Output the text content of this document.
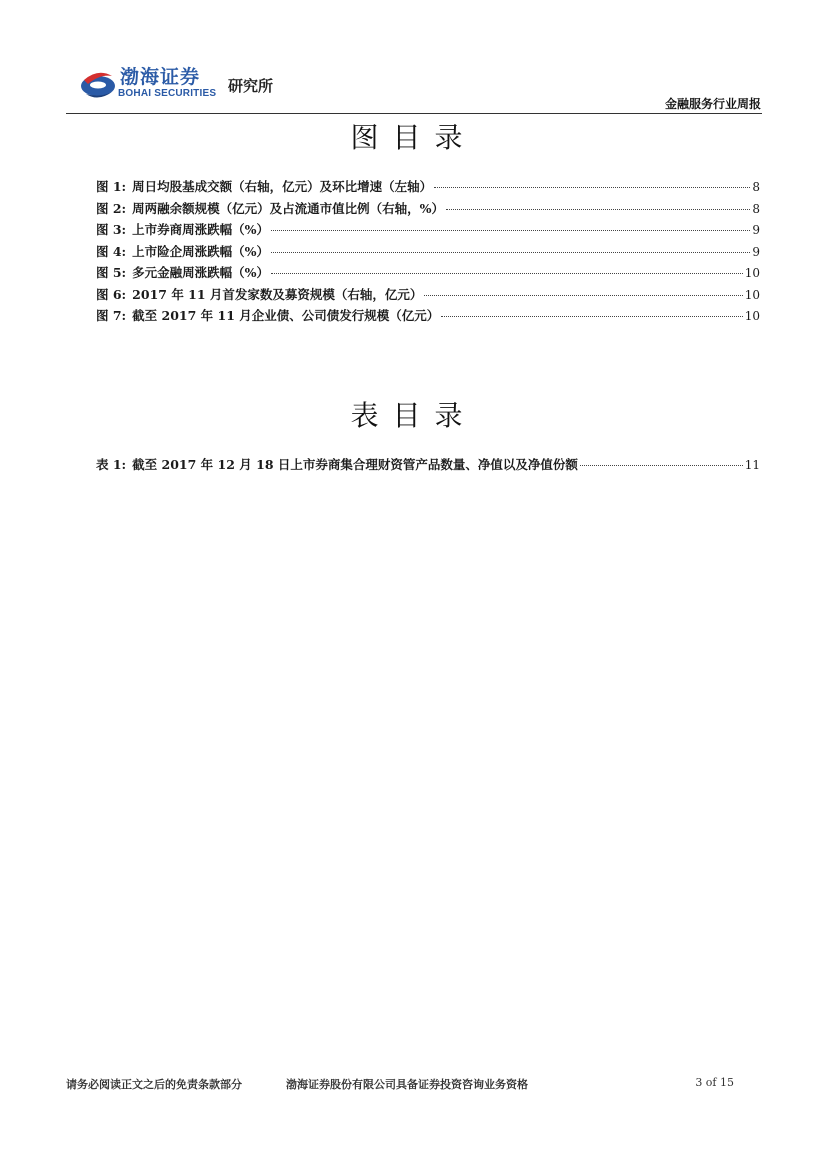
渤海证券
BOHAI SECURITIES 研究所
金融服务行业周报
图目录
图 1: 周日均股基成交额（右轴，亿元）及环比增速（左轴）	8
图 2: 周两融余额规模（亿元）及占流通市值比例（右轴，%）	8
图 3: 上市券商周涨跌幅（%）	9
图 4: 上市险企周涨跌幅（%）	9
图 5: 多元金融周涨跌幅（%）	10
图 6: 2017 年 11 月首发家数及募资规模（右轴，亿元）	10
图 7: 截至 2017 年 11 月企业债、公司债发行规模（亿元）	10
表目录
表 1: 截至 2017 年 12 月 18 日上市券商集合理财资管产品数量、净值以及净值份额	11
请务必阅读正文之后的免责条款部分	渤海证券股份有限公司具备证券投资咨询业务资格	3 of 15
